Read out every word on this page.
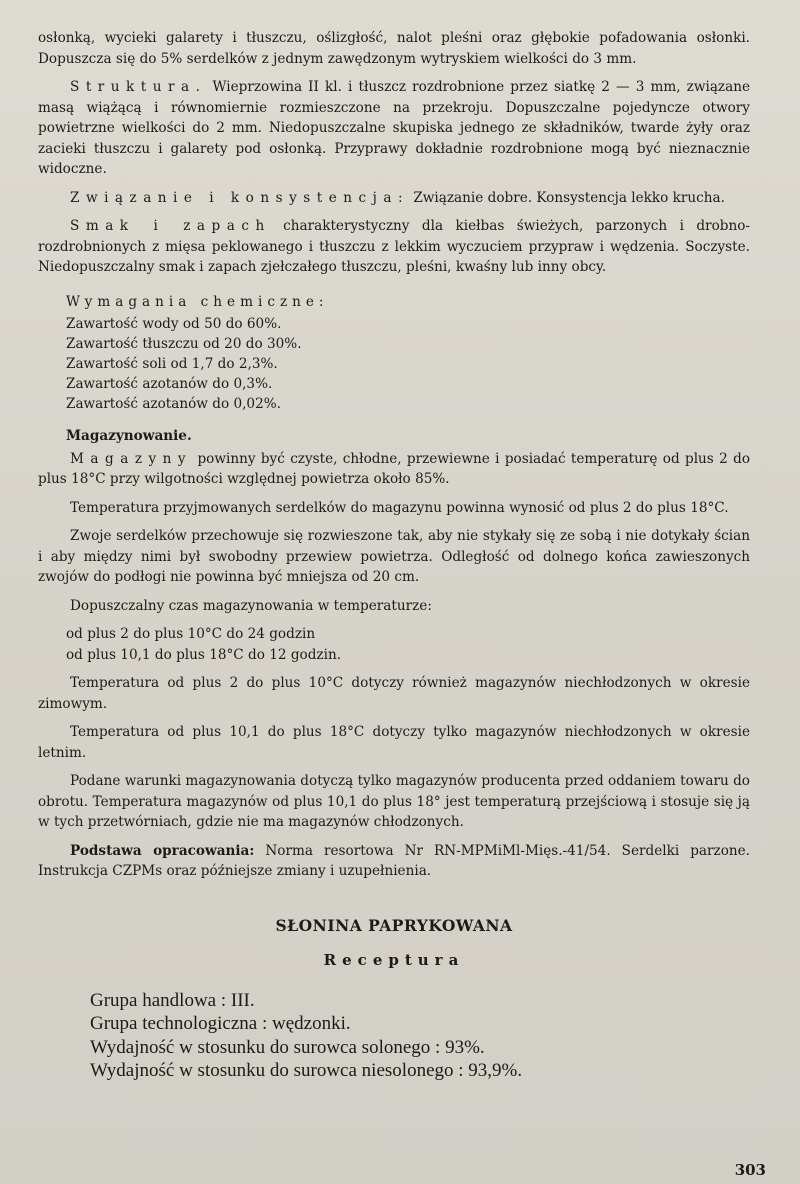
osłonką, wycieki galarety i tłuszczu, oślizgłość, nalot pleśni oraz głębokie pofadowania osłonki. Dopuszcza się do 5% serdelków z jednym zawędzonym wytryskiem wielkości do 3 mm.

Struktura. Wieprzowina II kl. i tłuszcz rozdrobnione przez siatkę 2 — 3 mm, związane masą wiążącą i równomiernie rozmieszczone na przekroju. Dopuszczalne pojedyncze otwory powietrzne wielkości do 2 mm. Niedopuszczalne skupiska jednego ze składników, twarde żyły oraz zacieki tłuszczu i galarety pod osłonką. Przyprawy dokładnie rozdrobnione mogą być nieznacznie widoczne.

Związanie i konsystencja: Związanie dobre. Konsystencja lekko krucha.

Smak i zapach charakterystyczny dla kiełbas świeżych, parzonych i drobno-rozdrobnionych z mięsa peklowanego i tłuszczu z lekkim wyczuciem przypraw i wędzenia. Soczyste. Niedopuszczalny smak i zapach zjełczałego tłuszczu, pleśni, kwaśny lub inny obcy.

Wymagania chemiczne:
Zawartość wody od 50 do 60%.
Zawartość tłuszczu od 20 do 30%.
Zawartość soli od 1,7 do 2,3%.
Zawartość azotanów do 0,3%.
Zawartość azotanów do 0,02%.
Magazynowanie.

Magazyny powinny być czyste, chłodne, przewiewne i posiadać temperaturę od plus 2 do plus 18°C przy wilgotności względnej powietrza około 85%.

Temperatura przyjmowanych serdelków do magazynu powinna wynosić od plus 2 do plus 18°C.

Zwoje serdelków przechowuje się rozwieszone tak, aby nie stykały się ze sobą i nie dotykały ścian i aby między nimi był swobodny przewiew powietrza. Odległość od dolnego końca zawieszonych zwojów do podłogi nie powinna być mniejsza od 20 cm.

Dopuszczalny czas magazynowania w temperaturze:

od plus 2 do plus 10°C do 24 godzin
od plus 10,1 do plus 18°C do 12 godzin.

Temperatura od plus 2 do plus 10°C dotyczy również magazynów niechłodzonych w okresie zimowym.

Temperatura od plus 10,1 do plus 18°C dotyczy tylko magazynów niechłodzonych w okresie letnim.

Podane warunki magazynowania dotyczą tylko magazynów producenta przed oddaniem towaru do obrotu. Temperatura magazynów od plus 10,1 do plus 18° jest temperaturą przejściową i stosuje się ją w tych przetwórniach, gdzie nie ma magazynów chłodzonych.

Podstawa opracowania: Norma resortowa Nr RN-MPMiMl-Mięs.-41/54. Serdelki parzone. Instrukcja CZPMs oraz późniejsze zmiany i uzupełnienia.

SŁONINA PAPRYKOWANA
Receptura
Grupa handlowa : III.
Grupa technologiczna : wędzonki.
Wydajność w stosunku do surowca solonego : 93%.
Wydajność w stosunku do surowca niesolonego : 93,9%.
303
